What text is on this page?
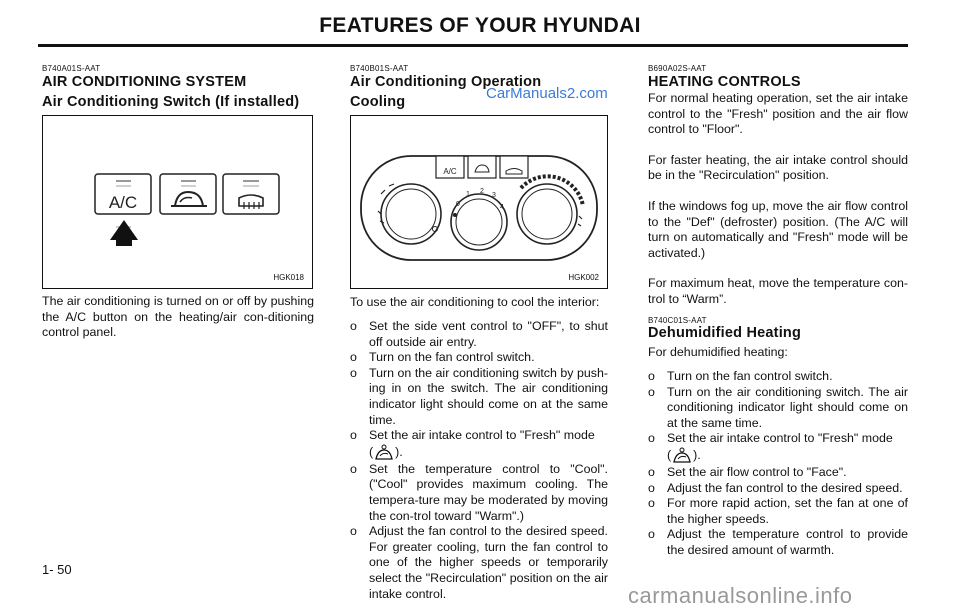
FEATURES OF YOUR HYUNDAI
B740A01S-AAT
AIR CONDITIONING SYSTEM
Air Conditioning Switch (If installed)
A/C
HGK018
The air conditioning is turned on or off by pushing the A/C button on the heating/air con-ditioning control panel.
1- 50
B740B01S-AAT
Air Conditioning Operation
Cooling	CarManuals2.com
A/C
0
1 2
3
4
HGK002
To use the air conditioning to cool the interior:
o Set the side vent control to "OFF", to shut off outside air entry.
o Turn on the fan control switch.
o Turn on the air conditioning switch by push-ing in on the switch. The air conditioning indicator light should come on at the same time.
o Set the air intake control to "Fresh" mode
( ).
o Set the temperature control to "Cool". ("Cool" provides maximum cooling. The tempera-ture may be moderated by moving the con-trol toward "Warm".)
o Adjust the fan control to the desired speed. For greater cooling, turn the fan control to one of the higher speeds or temporarily select the "Recirculation" position on the air intake control.
B690A02S-AAT
HEATING CONTROLS

For normal heating operation, set the air intake control to the "Fresh" position and the air flow control to "Floor".

For faster heating, the air intake control should be in the "Recirculation" position.

If the windows fog up, move the air flow control to the "Def" (defroster) position. (The A/C will turn on automatically and "Fresh" mode will be activated.)

For maximum heat, move the temperature con-trol to “Warm”.

B740C01S-AAT
Dehumidified Heating
For dehumidified heating:
o Turn on the fan control switch.
o Turn on the air conditioning switch. The air conditioning indicator light should come on at the same time.
o Set the air intake control to "Fresh" mode
( ).
o Set the air flow control to "Face".
o Adjust the fan control to the desired speed.
o For more rapid action, set the fan at one of the higher speeds.
o Adjust the temperature control to provide the desired amount of warmth.
carmanualsonline.info
